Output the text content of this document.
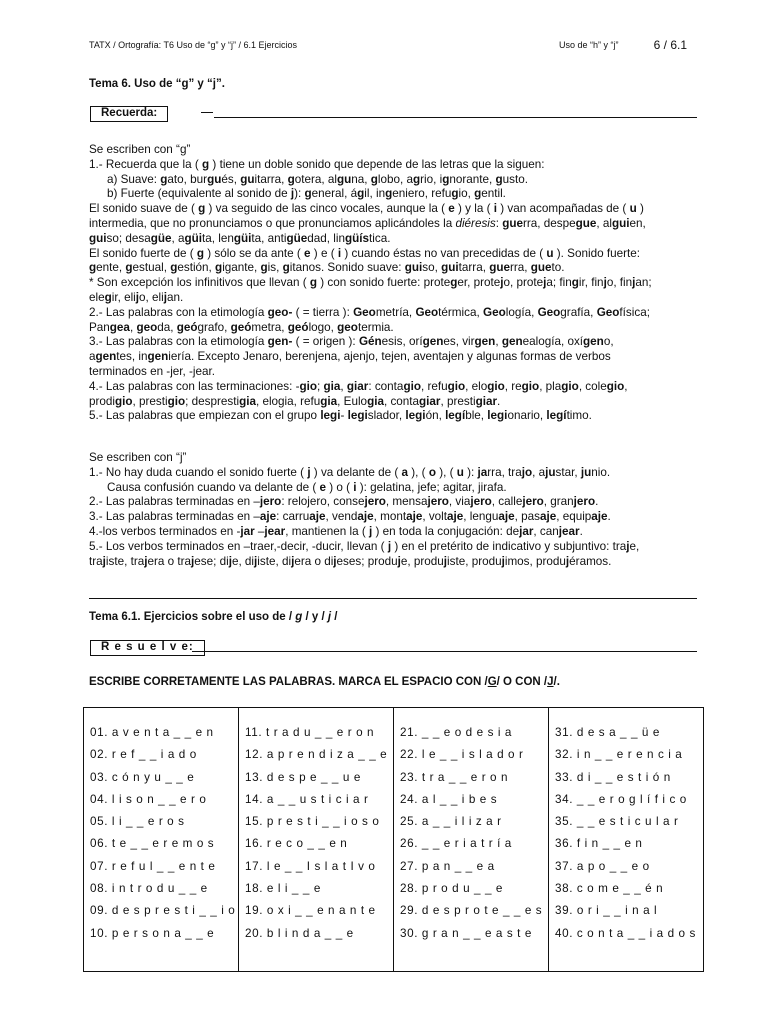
TATX / Ortografía: T6 Uso de “g” y “j” / 6.1 Ejercicios	Uso de “h” y “j”	6 / 6.1
Tema 6. Uso de “g” y “j”.
Recuerda:

Se escriben con “g”

1.- Recuerda que la ( g ) tiene un doble sonido que depende de las letras que la siguen:

a) Suave: gato, burgués, guitarra, gotera, alguna, globo, agrio, ignorante, gusto.

b) Fuerte (equivalente al sonido de j): general, ágil, ingeniero, refugio, gentil.

El sonido suave de ( g ) va seguido de las cinco vocales, aunque la ( e ) y la ( i ) van acompañadas de ( u )

intermedia, que no pronunciamos o que pronunciamos aplicándoles la diéresis: guerra, despegue, alguien,

guiso; desagüe, agüita, lengüita, antigüedad, lingüística.

El sonido fuerte de ( g ) sólo se da ante ( e ) e ( i ) cuando éstas no van precedidas de ( u ). Sonido fuerte:

gente, gestual, gestión, gigante, gis, gitanos. Sonido suave: guiso, guitarra, guerra, gueto.

* Son excepción los infinitivos que llevan ( g ) con sonido fuerte: proteger, protejo, proteja; fingir, finjo, finjan;

elegir, elijo, elijan.

2.- Las palabras con la etimología geo- ( = tierra ): Geometría, Geotérmica, Geología, Geografía, Geofísica;

Pangea, geoda, geógrafo, geómetra, geólogo, geotermia.

3.- Las palabras con la etimología gen- ( = origen ): Génesis, orígenes, virgen, genealogía, oxígeno,

agentes, ingeniería. Excepto Jenaro, berenjena, ajenjo, tejen, aventajen y algunas formas de verbos

terminados en -jer, -jear.

4.- Las palabras con las terminaciones: -gio; gia, giar: contagio, refugio, elogio, regio, plagio, colegio,

prodigio, prestigio; desprestigia, elogia, refugia, Eulogia, contagiar, prestigiar.

5.- Las palabras que empiezan con el grupo legi- legislador, legión, legíble, legionario, legítimo.

Se escriben con “j”

1.- No hay duda cuando el sonido fuerte ( j ) va delante de ( a ), ( o ), ( u ): jarra, trajo, ajustar, junio.

Causa confusión cuando va delante de ( e ) o ( i ): gelatina, jefe; agitar, jirafa.

2.- Las palabras terminadas en –jero: relojero, consejero, mensajero, viajero, callejero, granjero.

3.- Las palabras terminadas en –aje: carruaje, vendaje, montaje, voltaje, lenguaje, pasaje, equipaje.

4.-los verbos terminados en -jar –jear, mantienen la ( j ) en toda la conjugación: dejar, canjear.

5.- Los verbos terminados en –traer,-decir, -ducir, llevan ( j ) en el pretérito de indicativo y subjuntivo: traje,

trajiste, trajera o trajese; dije, dijiste, dijera o dijeses; produje, produjiste, produjimos, produjéramos.

Tema 6.1. Ejercicios sobre el uso de / g / y / j /
R e s u e l v e:
ESCRIBE CORRETAMENTE LAS PALABRAS. MARCA EL ESPACIO CON /G/ O CON /J/.
01. a v e n t a _ _ e n
02. r e f _ _ i a d o
03. c ó n y u _ _ e
04. l i s o n _ _ e r o
05. l i _ _ e r o s
06. t e _ _ e r e m o s
07. r e f u l _ _ e n t e
08. i n t r o d u _ _ e
09. d e s p r e s t i _ _ i o
10. p e r s o n a _ _ e
11. t r a d u _ _ e r o n
12. a p r e n d i z a _ _ e
13. d e s p e _ _ u e
14. a _ _ u s t i c i a r
15. p r e s t i _ _ i o s o
16. r e c o _ _ e n
17. l e _ _ I s l a t I v o
18. e l i _ _ e
19. o x i _ _ e n a n t e
20. b l i n d a _ _ e
21. _ _ e o d e s i a
22. l e _ _ i s l a d o r
23. t r a _ _ e r o n
24. a l _ _ i b e s
25. a _ _ i l i z a r
26. _ _ e r i a t r í a
27. p a n _ _ e a
28. p r o d u _ _ e
29. d e s p r o t e _ _ e s
30. g r a n _ _ e a s t e
31. d e s a _ _ ü e
32. i n _ _ e r e n c i a
33. d i _ _ e s t i ó n
34. _ _ e r o g l í f i c o
35. _ _ e s t i c u l a r
36. f i n _ _ e n
37. a p o _ _ e o
38. c o m e _ _ é n
39. o r i _ _ i n a l
40. c o n t a _ _ i a d o s
